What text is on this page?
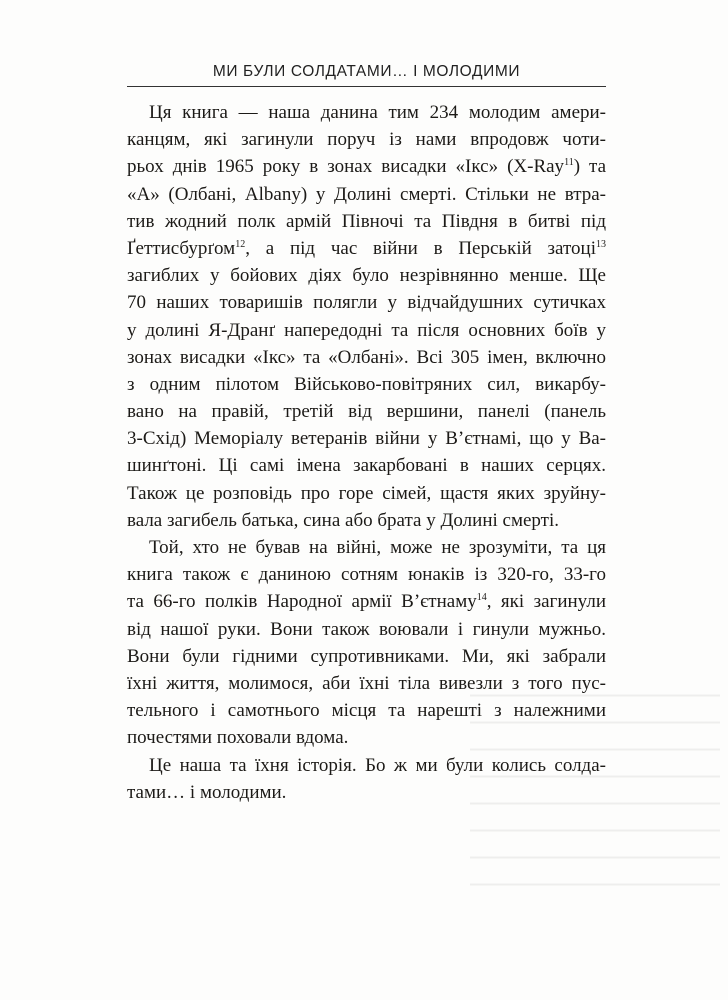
МИ БУЛИ СОЛДАТАМИ… І МОЛОДИМИ
Ця книга — наша данина тим 234 молодим амери-
канцям, які загинули поруч із нами впродовж чоти-
рьох днів 1965 року в зонах висадки «Ікс» (X-Ray$^{11}$) та
«А» (Олбані, Albany) у Долині смерті. Стільки не втра-
тив жодний полк армій Півночі та Півдня в битві під
Ґеттисбурґом$^{12}$, а під час війни в Перській затоці$^{13}$
загиблих у бойових діях було незрівнянно менше. Ще
70 наших товаришів полягли у відчайдушних сутичках
у долині Я-Дранґ напередодні та після основних боїв у
зонах висадки «Ікс» та «Олбані». Всі 305 імен, включно
з одним пілотом Військово-повітряних сил, викарбу-
вано на правій, третій від вершини, панелі (панель
3-Схід) Меморіалу ветеранів війни у В’єтнамі, що у Ва-
шинґтоні. Ці самі імена закарбовані в наших серцях.
Також це розповідь про горе сімей, щастя яких зруйну-
вала загибель батька, сина або брата у Долині смерті.
Той, хто не бував на війні, може не зрозуміти, та ця
книга також є даниною сотням юнаків із 320-го, 33-го
та 66-го полків Народної армії В’єтнаму$^{14}$, які загинули
від нашої руки. Вони також воювали і гинули мужньо.
Вони були гідними супротивниками. Ми, які забрали
їхні життя, молимося, аби їхні тіла вивезли з того пус-
тельного і самотнього місця та нарешті з належними
почестями поховали вдома.
Це наша та їхня історія. Бо ж ми були колись солда-
тами… і молодими.
